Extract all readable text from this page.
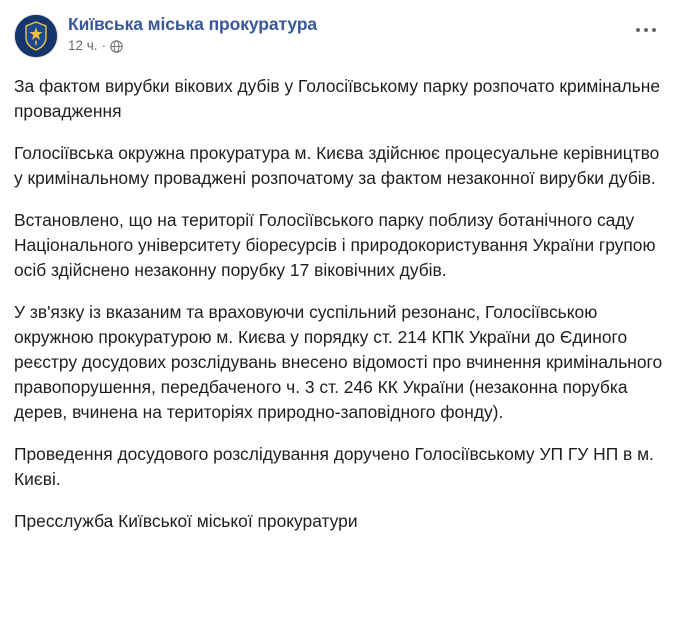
Київська міська прокуратура
12 ч. ·

За фактом вирубки вікових дубів у Голосіївському парку розпочато кримінальне провадження

Голосіївська окружна прокуратура м. Києва здійснює процесуальне керівництво у кримінальному проваджені розпочатому за фактом незаконної вирубки дубів.

Встановлено, що на території Голосіївського парку поблизу ботанічного саду Національного університету біоресурсів і природокористування України групою осіб здійснено незаконну порубку 17 віковічних дубів.

У зв'язку із вказаним та враховуючи суспільний резонанс, Голосіївською окружною прокуратурою м. Києва у порядку ст. 214 КПК України до Єдиного реєстру досудових розслідувань внесено відомості про вчинення кримінального правопорушення, передбаченого ч. 3 ст. 246 КК України (незаконна порубка дерев, вчинена на територіях природно-заповідного фонду).

Проведення досудового розслідування доручено Голосіївському УП ГУ НП в м. Києві.

Пресслужба Київської міської прокуратури
